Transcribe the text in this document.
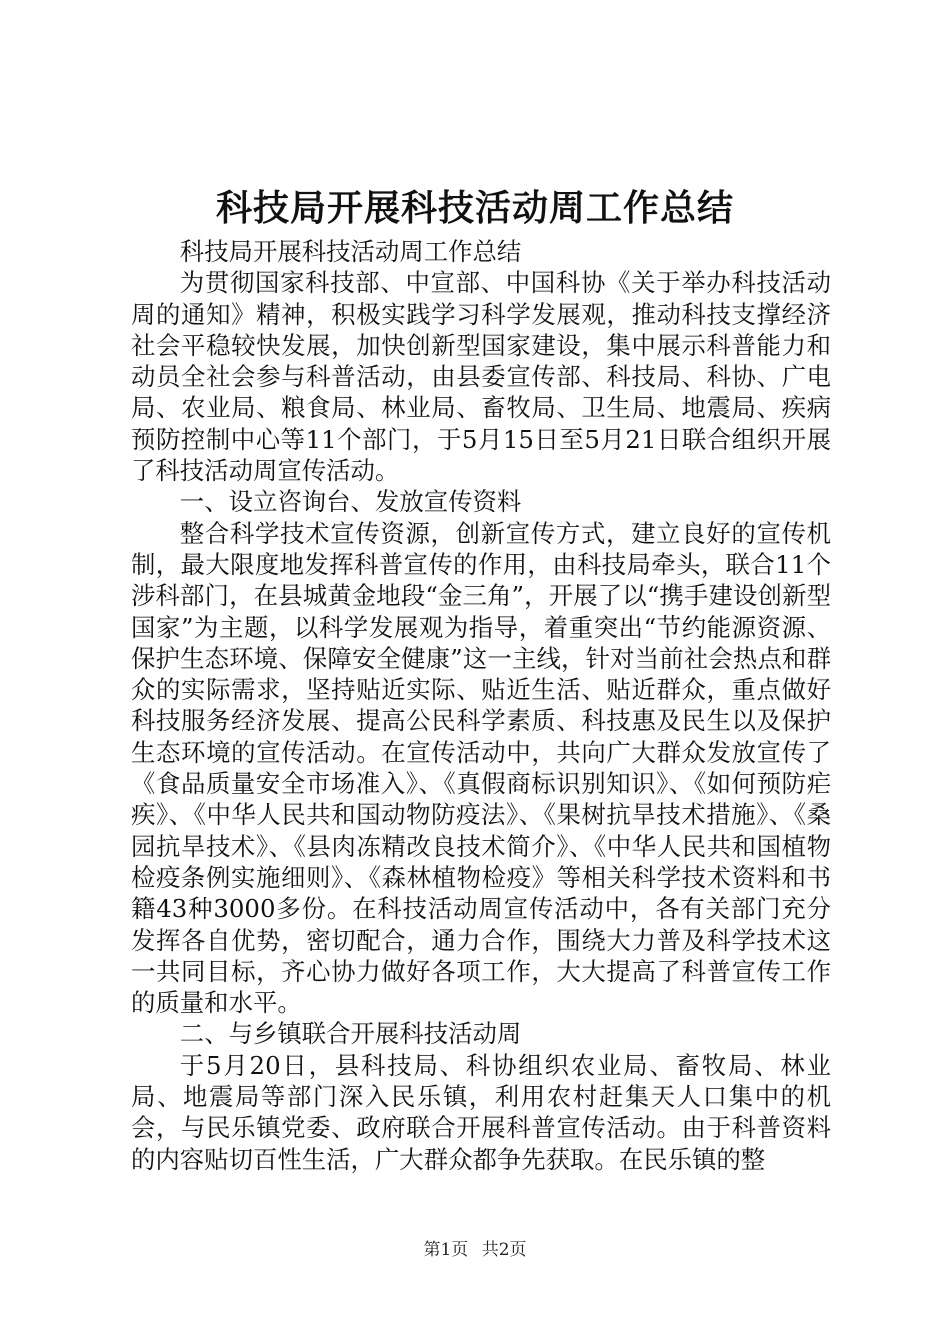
科技局开展科技活动周工作总结

科技局开展科技活动周工作总结

为贯彻国家科技部、中宣部、中国科协《关于举办科技活动周的通知》精神，积极实践学习科学发展观，推动科技支撑经济社会平稳较快发展，加快创新型国家建设，集中展示科普能力和动员全社会参与科普活动，由县委宣传部、科技局、科协、广电局、农业局、粮食局、林业局、畜牧局、卫生局、地震局、疾病预防控制中心等11个部门，于5月15日至5月21日联合组织开展了科技活动周宣传活动。

一、设立咨询台、发放宣传资料

整合科学技术宣传资源，创新宣传方式，建立良好的宣传机制，最大限度地发挥科普宣传的作用，由科技局牵头，联合11个涉科部门，在县城黄金地段“金三角”，开展了以“携手建设创新型国家”为主题，以科学发展观为指导，着重突出“节约能源资源、保护生态环境、保障安全健康”这一主线，针对当前社会热点和群众的实际需求，坚持贴近实际、贴近生活、贴近群众，重点做好科技服务经济发展、提高公民科学素质、科技惠及民生以及保护生态环境的宣传活动。在宣传活动中，共向广大群众发放宣传了《食品质量安全市场准入》、《真假商标识别知识》、《如何预防疟疾》、《中华人民共和国动物防疫法》、《果树抗旱技术措施》、《桑园抗旱技术》、《县肉冻精改良技术简介》、《中华人民共和国植物检疫条例实施细则》、《森林植物检疫》等相关科学技术资料和书籍43种3000多份。在科技活动周宣传活动中，各有关部门充分发挥各自优势，密切配合，通力合作，围绕大力普及科学技术这一共同目标，齐心协力做好各项工作，大大提高了科普宣传工作的质量和水平。

二、与乡镇联合开展科技活动周

于5月20日，县科技局、科协组织农业局、畜牧局、林业局、地震局等部门深入民乐镇，利用农村赶集天人口集中的机会，与民乐镇党委、政府联合开展科普宣传活动。由于科普资料的内容贴切百性生活，广大群众都争先获取。在民乐镇的整

第1页 共2页
